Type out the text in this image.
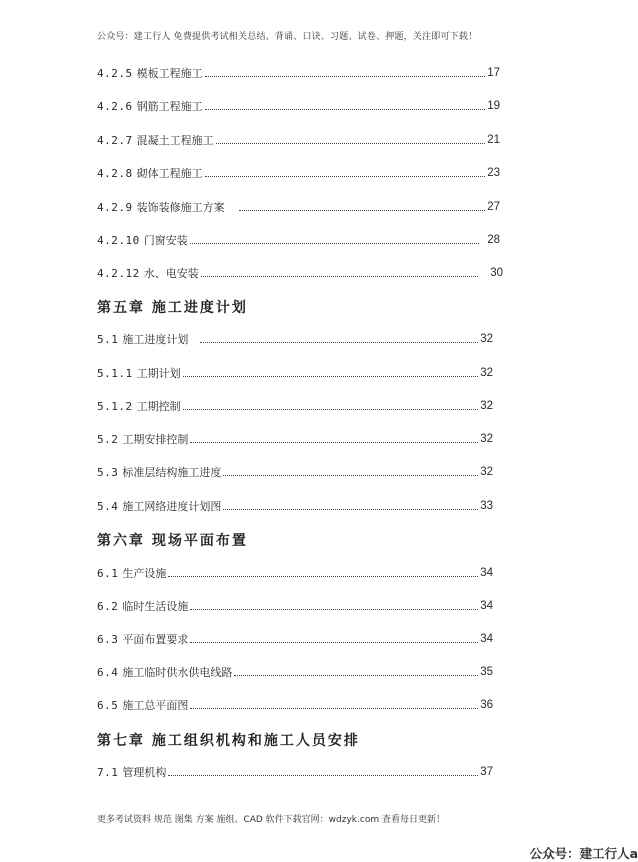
公众号：建工行人 免费提供考试相关总结、背诵、口诀、习题、试卷、押题，关注即可下载！
4.2.5 模板工程施工	17
4.2.6 钢筋工程施工	19
4.2.7 混凝土工程施工	21
4.2.8 砌体工程施工	23
4.2.9 装饰装修施工方案	27
4.2.10 门窗安装	28
4.2.12 水、电安装	30
第五章 施工进度计划
5.1 施工进度计划	32
5.1.1 工期计划	32
5.1.2 工期控制	32
5.2 工期安排控制	32
5.3 标准层结构施工进度	32
5.4 施工网络进度计划图	33
第六章 现场平面布置
6.1 生产设施	34
6.2 临时生活设施	34
6.3 平面布置要求	34
6.4 施工临时供水供电线路	35
6.5 施工总平面图	36
第七章 施工组织机构和施工人员安排
7.1 管理机构	37
更多考试资料 规范 图集 方案 施组、CAD 软件下载官网：wdzyk.com 查看每日更新！
公众号：建工行人a
